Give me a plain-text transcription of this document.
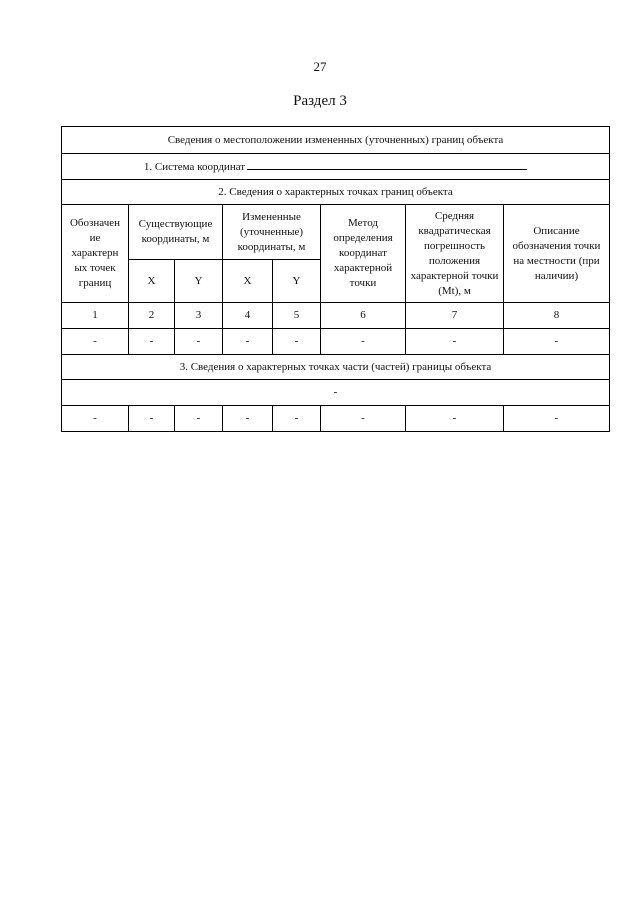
27
Раздел 3
Сведения о местоположении измененных (уточненных) границ объекта							
1. Система координат							
2. Сведения о характерных точках границ объекта							
Обозначен
ие
характерн
ых точек
границ	Существующие координаты, м		Измененные (уточненные) координаты, м		Метод определения координат характерной точки	Средняя квадратическая погрешность положения характерной точки (Mt), м	Описание обозначения точки на местности (при наличии)
	X	Y	X	Y			
1	2	3	4	5	6	7	8
-	-	-	-	-	-	-	-
3. Сведения о характерных точках части (частей) границы объекта							
-							
-	-	-	-	-	-	-	-
